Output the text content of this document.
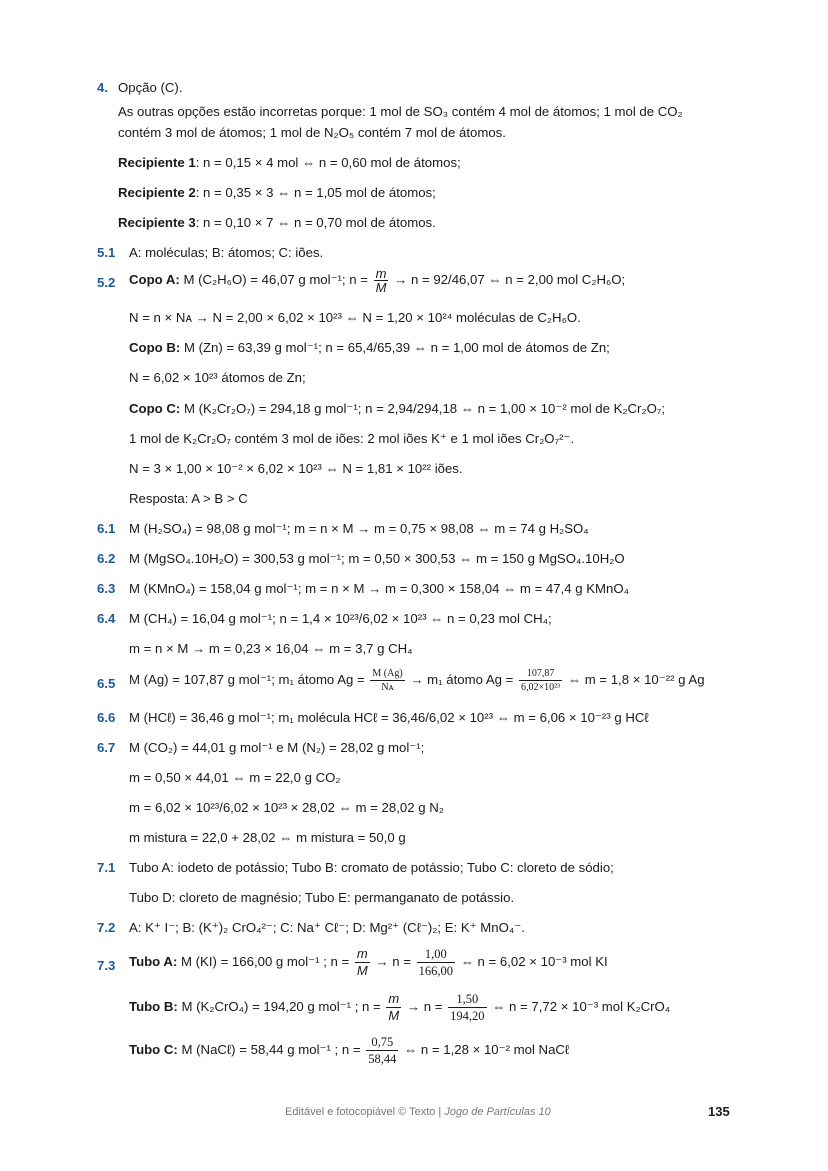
4. Opção (C).
As outras opções estão incorretas porque: 1 mol de SO₃ contém 4 mol de átomos; 1 mol de CO₂
contém 3 mol de átomos; 1 mol de N₂O₅ contém 7 mol de átomos.
Recipiente 1: n = 0,15 × 4 mol ⇔ n = 0,60 mol de átomos;
Recipiente 2: n = 0,35 × 3 ⇔ n = 1,05 mol de átomos;
Recipiente 3: n = 0,10 × 7 ⇔ n = 0,70 mol de átomos.
5.1 A: moléculas; B: átomos; C: iões.
5.2 Copo A: M (C₂H₆O) = 46,07 g mol⁻¹; $n = \frac{m}{M} \to n = 92/46,07$ ⇔ n = 2,00 mol C₂H₆O;
N = n × Nᴀ → N = 2,00 × 6,02 × 10²³ ⇔ N = 1,20 × 10²⁴ moléculas de C₂H₆O.
Copo B: M (Zn) = 63,39 g mol⁻¹; n = 65,4/65,39 ⇔ n = 1,00 mol de átomos de Zn;
N = 6,02 × 10²³ átomos de Zn;
Copo C: M (K₂Cr₂O₇) = 294,18 g mol⁻¹; n = 2,94/294,18 ⇔ n = 1,00 × 10⁻² mol de K₂Cr₂O₇;
1 mol de K₂Cr₂O₇ contém 3 mol de iões: 2 mol iões K⁺ e 1 mol iões Cr₂O₇²⁻.
N = 3 × 1,00 × 10⁻² × 6,02 × 10²³ ⇔ N = 1,81 × 10²² iões.
Resposta: A > B > C
6.1 M (H₂SO₄) = 98,08 g mol⁻¹; m = n × M → m = 0,75 × 98,08 ⇔ m = 74 g H₂SO₄
6.2 M (MgSO₄.10H₂O) = 300,53 g mol⁻¹; m = 0,50 × 300,53 ⇔ m = 150 g MgSO₄.10H₂O
6.3 M (KMnO₄) = 158,04 g mol⁻¹; m = n × M → m = 0,300 × 158,04 ⇔ m = 47,4 g KMnO₄
6.4 M (CH₄) = 16,04 g mol⁻¹; n = 1,4 × 10²³/6,02 × 10²³ ⇔ n = 0,23 mol CH₄;
m = n × M → m = 0,23 × 16,04 ⇔ m = 3,7 g CH₄
6.5 M (Ag) = 107,87 g mol⁻¹; m₁ átomo $Ag = \frac{M (Ag)}{\text{Nᴀ}} \to m_1$ átomo $Ag = \frac{107,87}{\text{6,02×10²³}}$ ⇔ m = 1,8 × 10⁻²² g Ag
6.6 M (HCℓ) = 36,46 g mol⁻¹; m₁ molécula HCℓ = 36,46/6,02 × 10²³ ⇔ m = 6,06 × 10⁻²³ g HCℓ
6.7 M (CO₂) = 44,01 g mol⁻¹ e M (N₂) = 28,02 g mol⁻¹;
m = 0,50 × 44,01 ⇔ m = 22,0 g CO₂
m = 6,02 × 10²³/6,02 × 10²³ × 28,02 ⇔ m = 28,02 g N₂
m mistura = 22,0 + 28,02 ⇔ m mistura = 50,0 g
7.1 Tubo A: iodeto de potássio; Tubo B: cromato de potássio; Tubo C: cloreto de sódio;
Tubo D: cloreto de magnésio; Tubo E: permanganato de potássio.
7.2 A: K⁺ I⁻; B: (K⁺)₂ CrO₄²⁻; C: Na⁺ Cℓ⁻; D: Mg²⁺ (Cℓ⁻)₂; E: K⁺ MnO₄⁻.
7.3 Tubo A: M (KI) = 166,00 g mol⁻¹ ; $n = \frac{m}{M} \to n = \frac{1,00}{166,00}$ ⇔ n = 6,02 × 10⁻³ mol KI
Tubo B: M (K₂CrO₄) = 194,20 g mol⁻¹ ; $n = \frac{m}{M} \to n = \frac{1,50}{194,20}$ ⇔ n = 7,72 × 10⁻³ mol K₂CrO₄
Tubo C: M (NaCℓ) = 58,44 g mol⁻¹ ; $n = \frac{0,75}{58,44}$ ⇔ n = 1,28 × 10⁻² mol NaCℓ
Editável e fotocopiável © Texto | Jogo de Partículas 10	135
